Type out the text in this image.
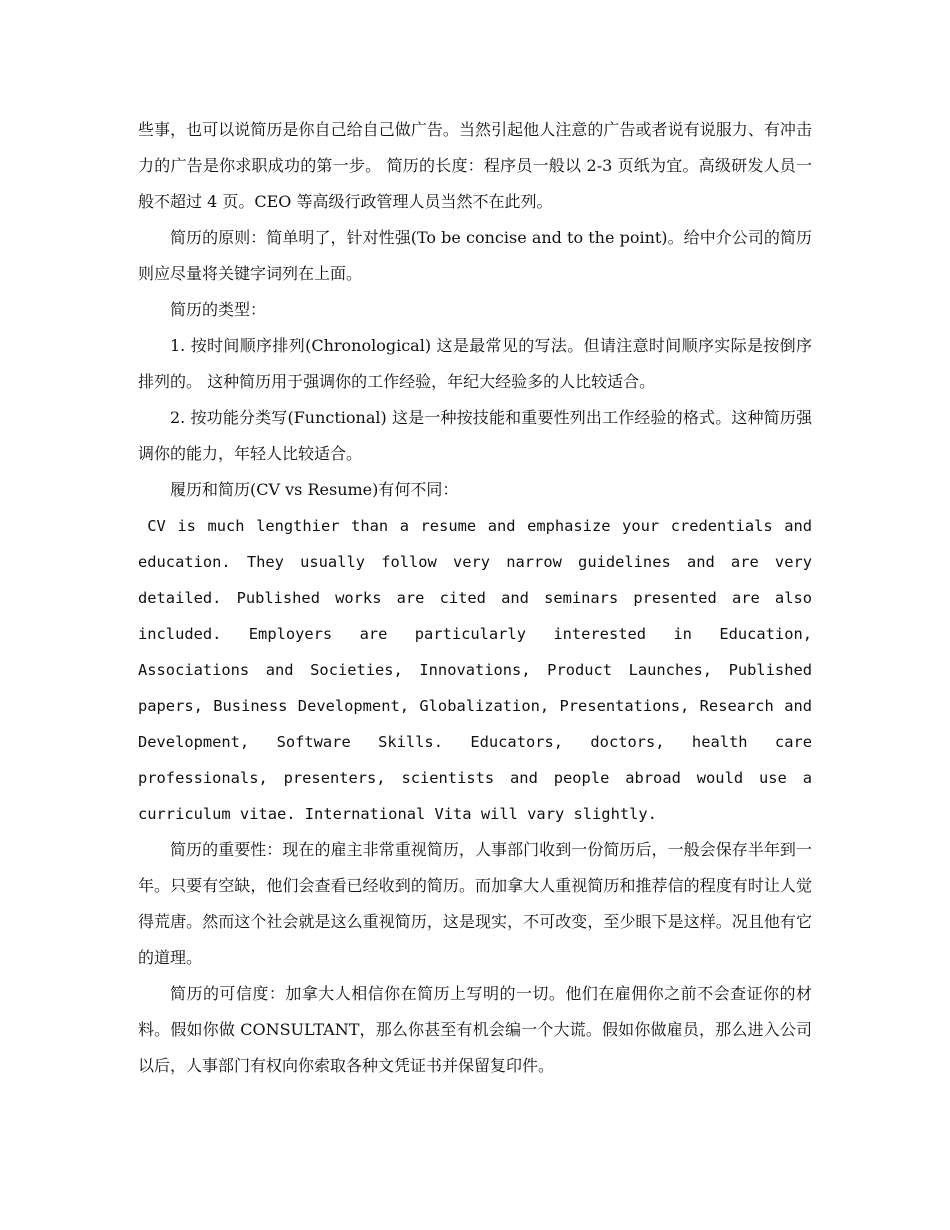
些事，也可以说简历是你自己给自己做广告。当然引起他人注意的广告或者说有说服力、有冲击力的广告是你求职成功的第一步。 简历的长度：程序员一般以 2-3 页纸为宜。高级研发人员一般不超过 4 页。CEO 等高级行政管理人员当然不在此列。

简历的原则：简单明了，针对性强(To be concise and to the point)。给中介公司的简历则应尽量将关键字词列在上面。

简历的类型：

1. 按时间顺序排列(Chronological) 这是最常见的写法。但请注意时间顺序实际是按倒序排列的。 这种简历用于强调你的工作经验，年纪大经验多的人比较适合。

2. 按功能分类写(Functional) 这是一种按技能和重要性列出工作经验的格式。这种简历强调你的能力，年轻人比较适合。

履历和简历(CV vs Resume)有何不同：

CV is much lengthier than a resume and emphasize your credentials and education. They usually follow very narrow guidelines and are very detailed. Published works are cited and seminars presented are also included. Employers are particularly interested in Education, Associations and Societies, Innovations, Product Launches, Published papers, Business Development, Globalization, Presentations, Research and Development, Software Skills. Educators, doctors, health care professionals, presenters, scientists and people abroad would use a curriculum vitae. International Vita will vary slightly.

简历的重要性：现在的雇主非常重视简历，人事部门收到一份简历后，一般会保存半年到一年。只要有空缺，他们会查看已经收到的简历。而加拿大人重视简历和推荐信的程度有时让人觉得荒唐。然而这个社会就是这么重视简历，这是现实，不可改变，至少眼下是这样。况且他有它的道理。

简历的可信度：加拿大人相信你在简历上写明的一切。他们在雇佣你之前不会查证你的材料。假如你做 CONSULTANT，那么你甚至有机会编一个大谎。假如你做雇员，那么进入公司以后，人事部门有权向你索取各种文凭证书并保留复印件。
